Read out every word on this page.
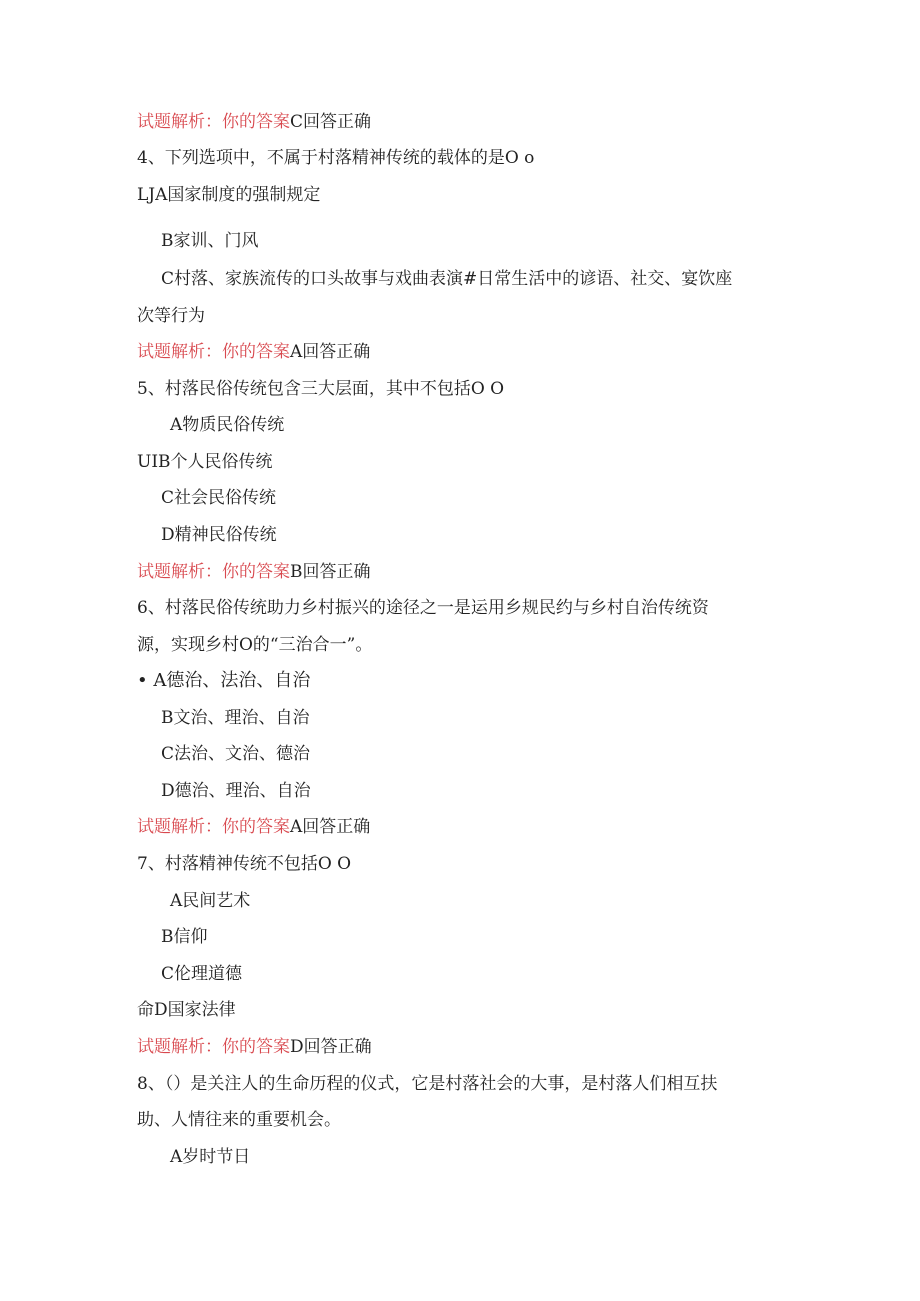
试题解析：你的答案C回答正确
4、下列选项中，不属于村落精神传统的载体的是O o
LJA国家制度的强制规定
B家训、门风
C村落、家族流传的口头故事与戏曲表演#日常生活中的谚语、社交、宴饮座
次等行为
试题解析：你的答案A回答正确
5、村落民俗传统包含三大层面，其中不包括O O
A物质民俗传统
UIB个人民俗传统
C社会民俗传统
D精神民俗传统
试题解析：你的答案B回答正确
6、村落民俗传统助力乡村振兴的途径之一是运用乡规民约与乡村自治传统资
源，实现乡村O的“三治合一”。
• A德治、法治、自治
B文治、理治、自治
C法治、文治、德治
D德治、理治、自治
试题解析：你的答案A回答正确
7、村落精神传统不包括O O
A民间艺术
B信仰
C伦理道德
命D国家法律
试题解析：你的答案D回答正确
8、（）是关注人的生命历程的仪式，它是村落社会的大事，是村落人们相互扶
助、人情往来的重要机会。
A岁时节日
